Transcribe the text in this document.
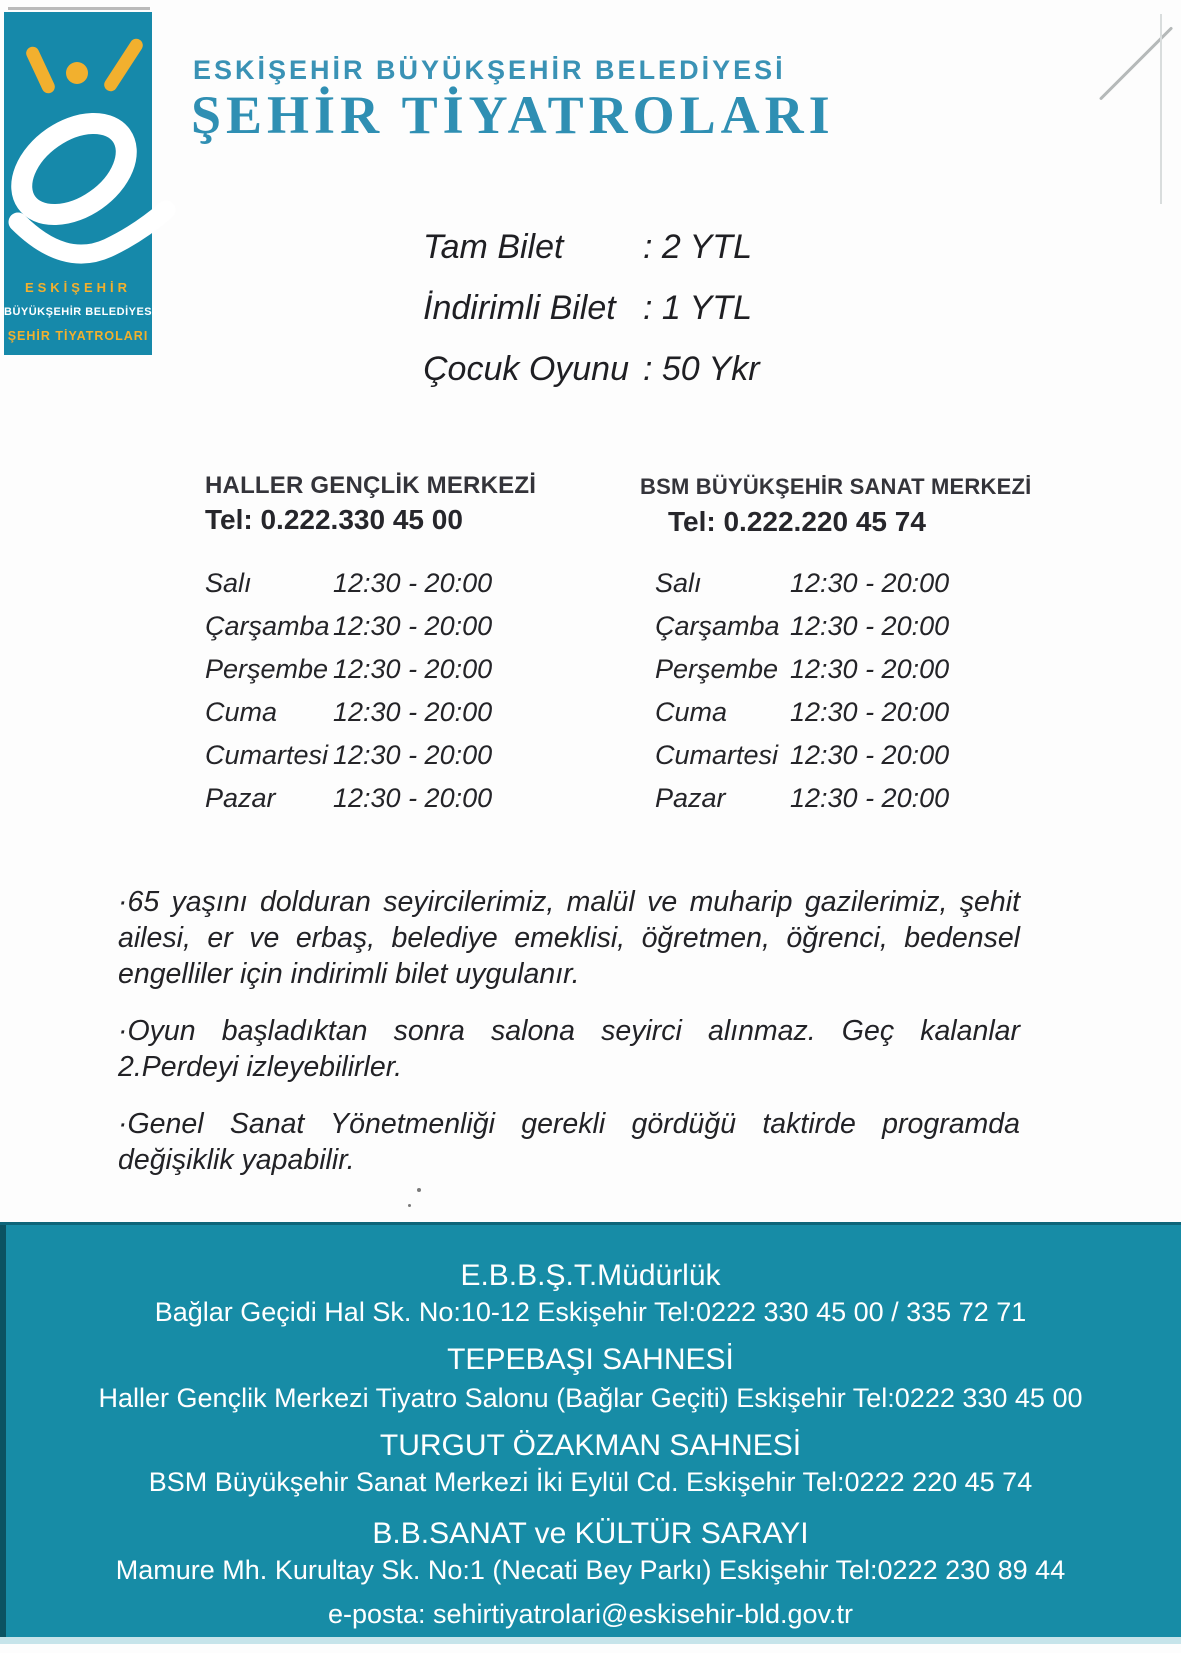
ESKİŞEHİR
BÜYÜKŞEHİR BELEDİYESİ
ŞEHİR TİYATROLARI
ESKİŞEHİR BÜYÜKŞEHİR BELEDİYESİ
ŞEHİR TİYATROLARI
Tam Bilet : 2 YTL
İndirimli Bilet : 1 YTL
Çocuk Oyunu : 50 Ykr
HALLER GENÇLİK MERKEZİ
Tel: 0.222.330 45 00
Salı	12:30 - 20:00
Çarşamba 12:30 - 20:00
Perşembe 12:30 - 20:00
Cuma 12:30 - 20:00
Cumartesi 12:30 - 20:00
Pazar 12:30 - 20:00
BSM BÜYÜKŞEHİR SANAT MERKEZİ
Tel: 0.222.220 45 74
Salı	12:30 - 20:00
Çarşamba 12:30 - 20:00
Perşembe 12:30 - 20:00
Cuma 12:30 - 20:00
Cumartesi 12:30 - 20:00
Pazar 12:30 - 20:00

·65 yaşını dolduran seyircilerimiz, malül ve muharip gazilerimiz, şehit ailesi, er ve erbaş, belediye emeklisi, öğretmen, öğrenci, bedensel engelliler için indirimli bilet uygulanır.

·Oyun başladıktan sonra salona seyirci alınmaz. Geç kalanlar 2.Perdeyi izleyebilirler.

·Genel Sanat Yönetmenliği gerekli gördüğü taktirde programda değişiklik yapabilir.

E.B.B.Ş.T.Müdürlük
Bağlar Geçidi Hal Sk. No:10-12 Eskişehir Tel:0222 330 45 00 / 335 72 71
TEPEBAŞI SAHNESİ
Haller Gençlik Merkezi Tiyatro Salonu (Bağlar Geçiti) Eskişehir Tel:0222 330 45 00
TURGUT ÖZAKMAN SAHNESİ
BSM Büyükşehir Sanat Merkezi İki Eylül Cd. Eskişehir Tel:0222 220 45 74
B.B.SANAT ve KÜLTÜR SARAYI
Mamure Mh. Kurultay Sk. No:1 (Necati Bey Parkı) Eskişehir Tel:0222 230 89 44
e-posta: sehirtiyatrolari@eskisehir-bld.gov.tr
